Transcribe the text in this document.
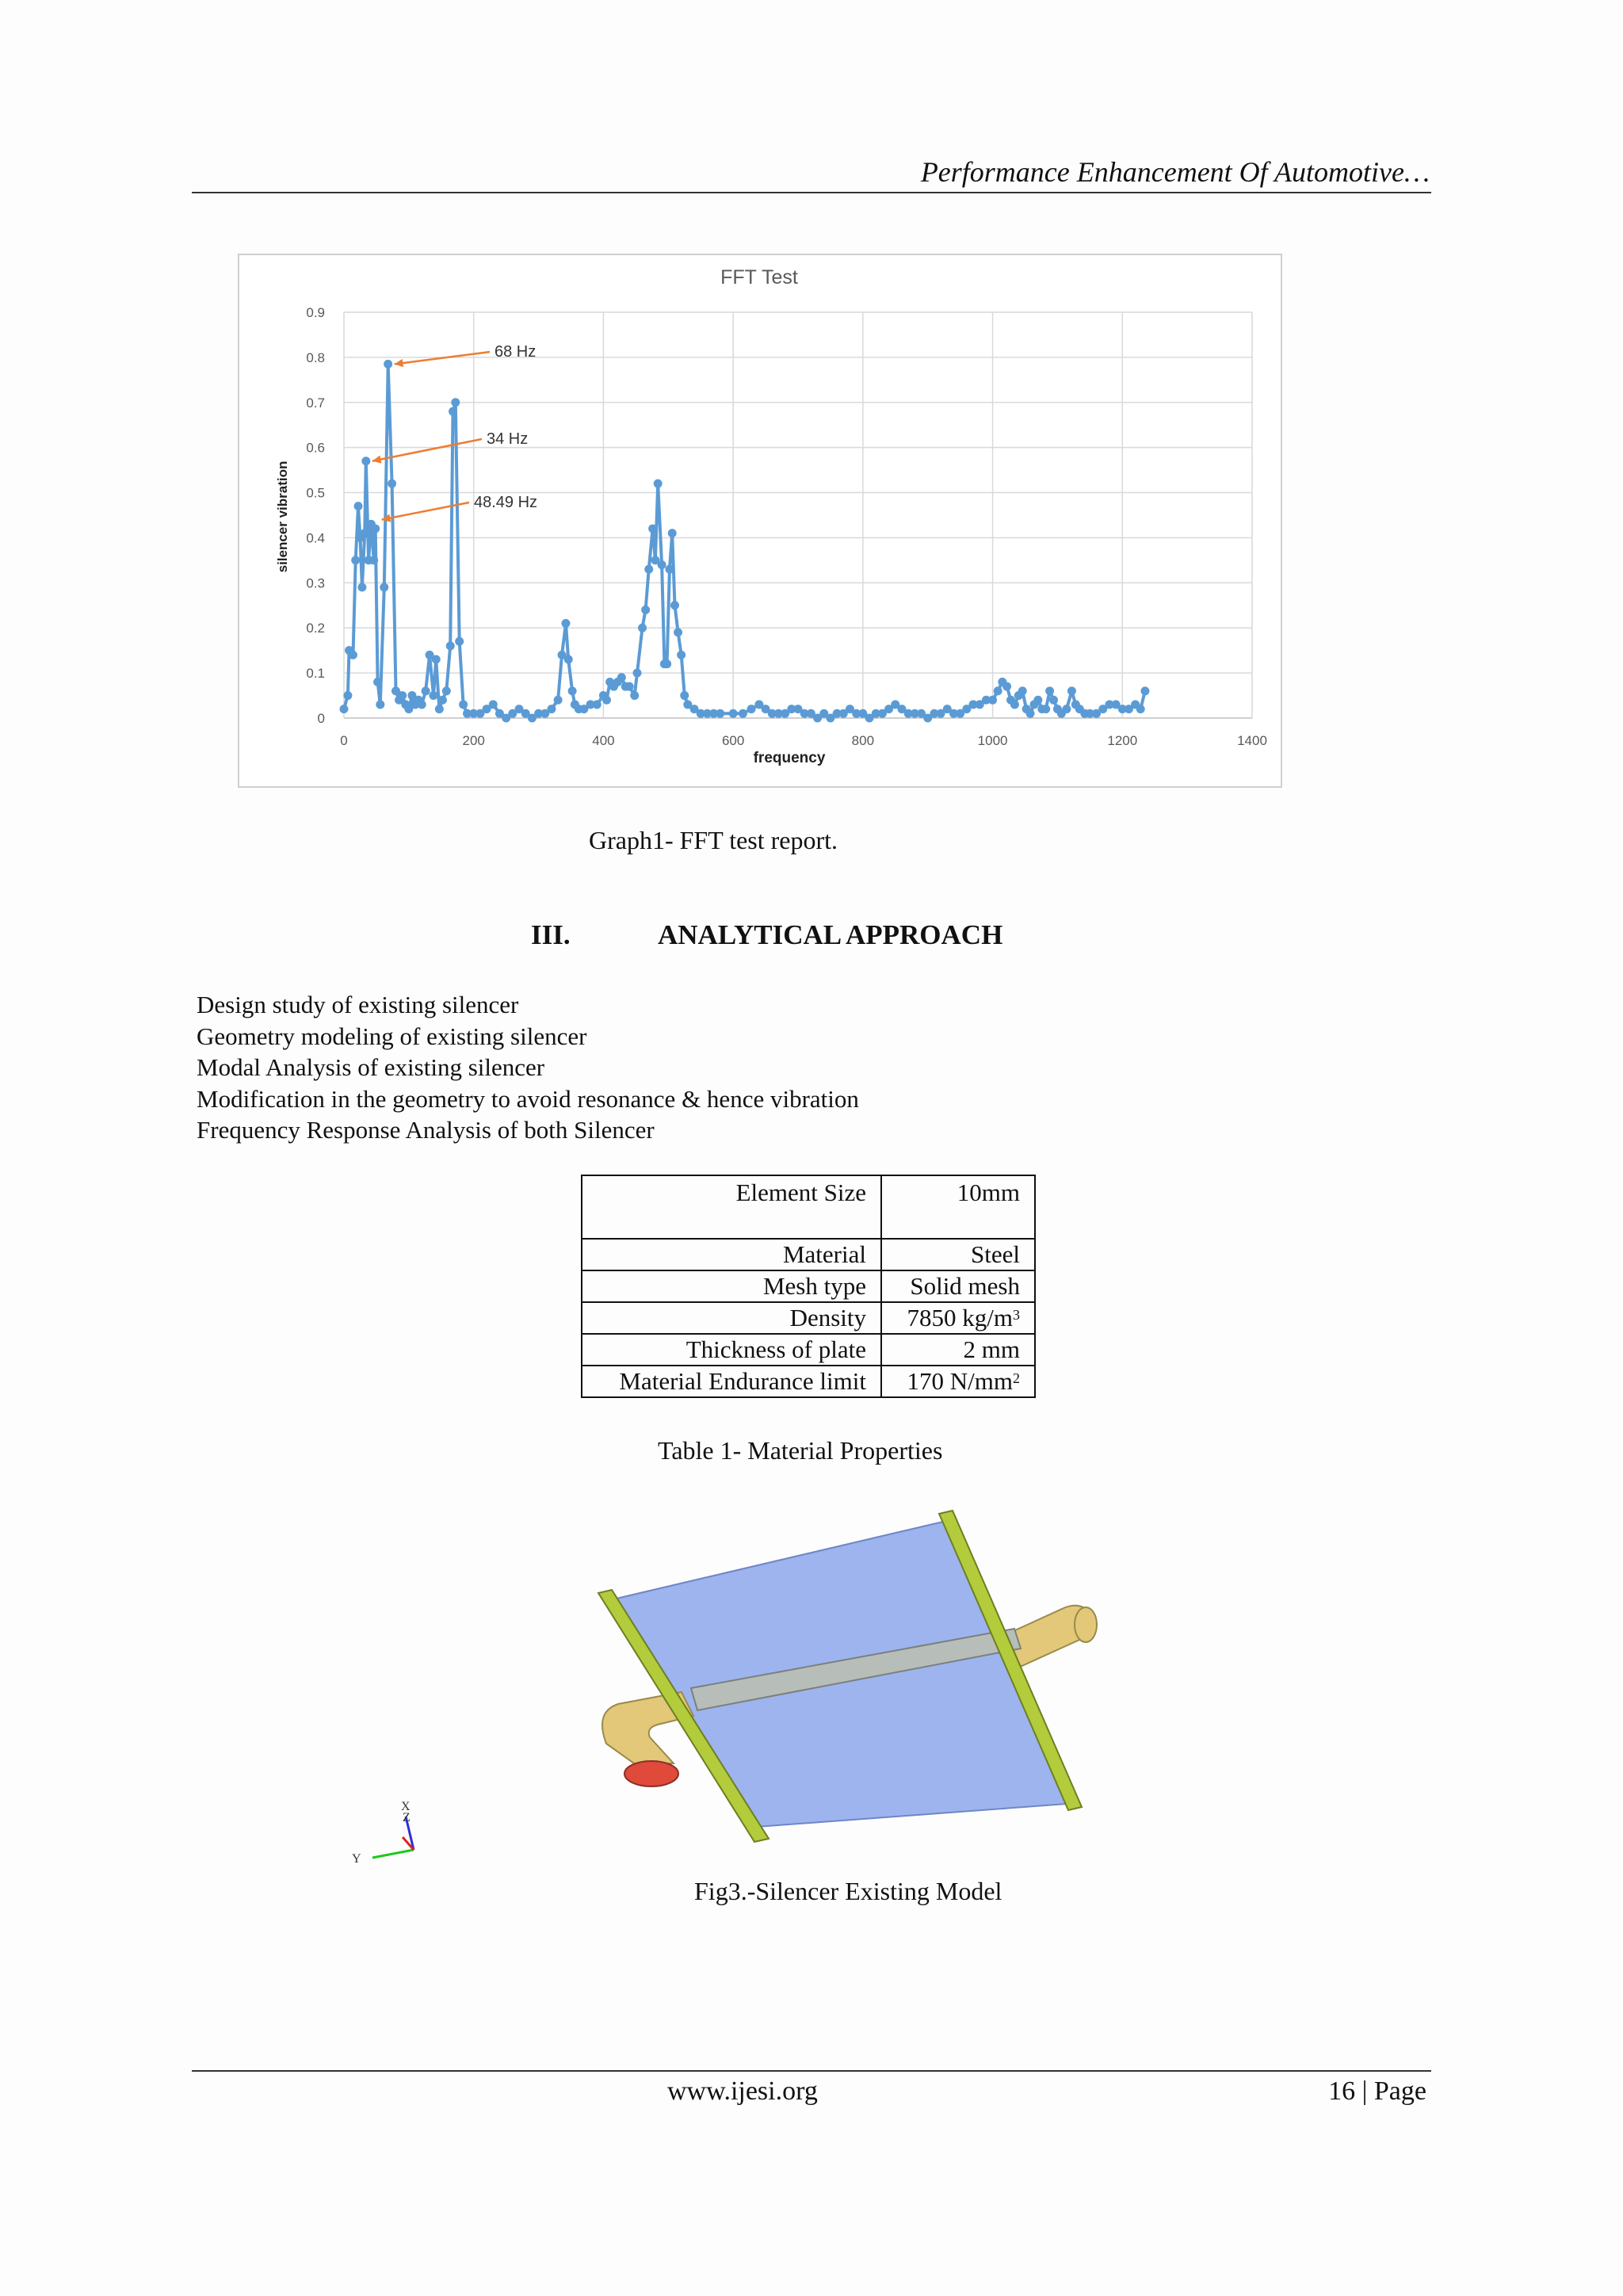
Performance Enhancement Of Automotive…
FFT Test
0
0.1
0.2
0.3
0.4
0.5
0.6
0.7
0.8
0.9
0	200	400	600	800	1000	1200	1400
frequency
silencer vibration
68 Hz
34 Hz
48.49 Hz
Graph1- FFT test report.
III.	ANALYTICAL APPROACH
Design study of existing silencer
Geometry modeling of existing silencer
Modal Analysis of existing silencer
Modification in the geometry to avoid resonance & hence vibration
Frequency Response Analysis of both Silencer
Element Size	10mm
Material	Steel
Mesh type	Solid mesh
Density	7850 $kg/m^3$
Thickness of plate	2 mm
Material Endurance limit	170 $N/mm^2$
Table 1- Material Properties
X
Z
Y
Fig3.-Silencer Existing Model
www.ijesi.org	16 | Page
